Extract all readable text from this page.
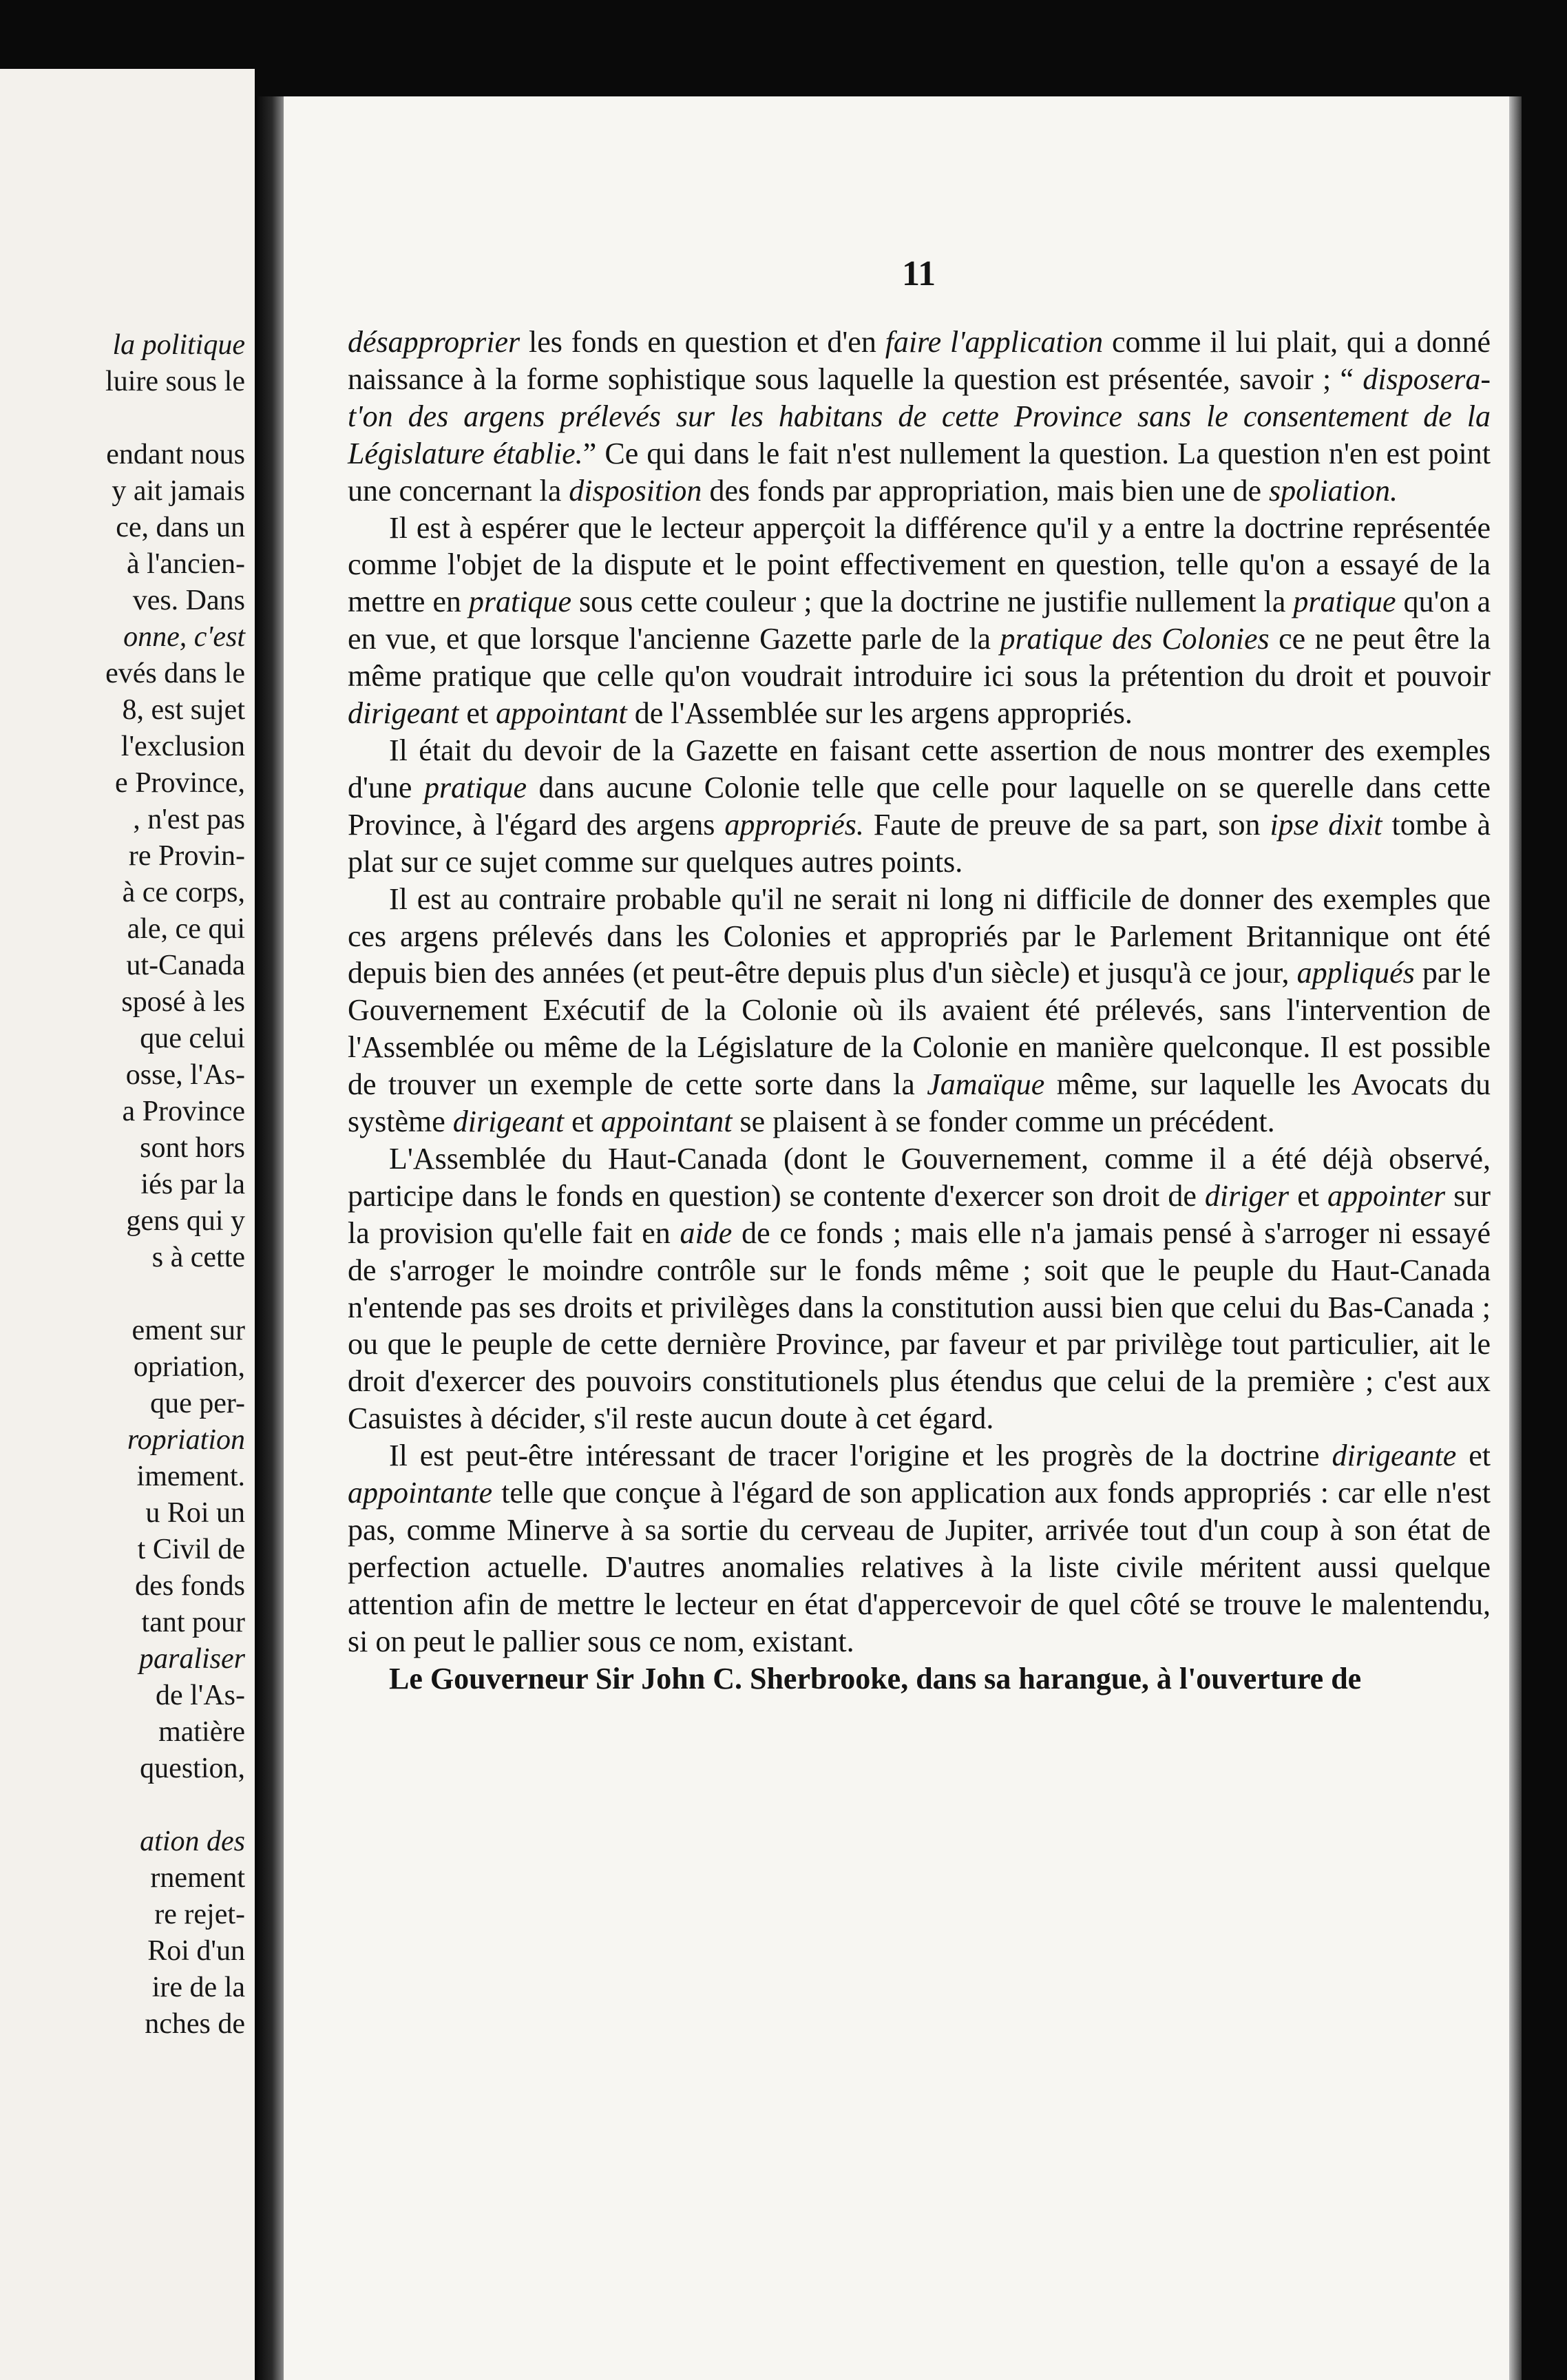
la politique
luire sous le
endant nous
y ait jamais
ce, dans un
à l'ancien-
ves. Dans
onne, c'est
evés dans le
8, est sujet
l'exclusion
e Province,
, n'est pas
re Provin-
à ce corps,
ale, ce qui
ut-Canada
sposé à les
que celui
osse, l'As-
a Province
sont hors
iés par la
gens qui y
s à cette
ement sur
opriation,
que per-
ropriation
imement.
u Roi un
t Civil de
des fonds
tant pour
paraliser
de l'As-
matière
question,
ation des
rnement
re rejet-
Roi d'un
ire de la
nches de
11

désapproprier les fonds en question et d'en faire l'application comme il lui plait, qui a donné naissance à la forme sophistique sous laquelle la question est présentée, savoir ; “ disposera-t'on des argens prélevés sur les habitans de cette Province sans le consentement de la Législature établie.” Ce qui dans le fait n'est nullement la question. La question n'en est point une concernant la disposition des fonds par appropriation, mais bien une de spoliation.

Il est à espérer que le lecteur apperçoit la différence qu'il y a entre la doctrine représentée comme l'objet de la dispute et le point effectivement en question, telle qu'on a essayé de la mettre en pratique sous cette couleur ; que la doctrine ne justifie nullement la pratique qu'on a en vue, et que lorsque l'ancienne Gazette parle de la pratique des Colonies ce ne peut être la même pratique que celle qu'on voudrait introduire ici sous la prétention du droit et pouvoir dirigeant et appointant de l'Assemblée sur les argens appropriés.

Il était du devoir de la Gazette en faisant cette assertion de nous montrer des exemples d'une pratique dans aucune Colonie telle que celle pour laquelle on se querelle dans cette Province, à l'égard des argens appropriés. Faute de preuve de sa part, son ipse dixit tombe à plat sur ce sujet comme sur quelques autres points.

Il est au contraire probable qu'il ne serait ni long ni difficile de donner des exemples que ces argens prélevés dans les Colonies et appropriés par le Parlement Britannique ont été depuis bien des années (et peut-être depuis plus d'un siècle) et jusqu'à ce jour, appliqués par le Gouvernement Exécutif de la Colonie où ils avaient été prélevés, sans l'intervention de l'Assemblée ou même de la Législature de la Colonie en manière quelconque. Il est possible de trouver un exemple de cette sorte dans la Jamaïque même, sur laquelle les Avocats du système dirigeant et appointant se plaisent à se fonder comme un précédent.

L'Assemblée du Haut-Canada (dont le Gouvernement, comme il a été déjà observé, participe dans le fonds en question) se contente d'exercer son droit de diriger et appointer sur la provision qu'elle fait en aide de ce fonds ; mais elle n'a jamais pensé à s'arroger ni essayé de s'arroger le moindre contrôle sur le fonds même ; soit que le peuple du Haut-Canada n'entende pas ses droits et privilèges dans la constitution aussi bien que celui du Bas-Canada ; ou que le peuple de cette dernière Province, par faveur et par privilège tout particulier, ait le droit d'exercer des pouvoirs constitutionels plus étendus que celui de la première ; c'est aux Casuistes à décider, s'il reste aucun doute à cet égard.

Il est peut-être intéressant de tracer l'origine et les progrès de la doctrine dirigeante et appointante telle que conçue à l'égard de son application aux fonds appropriés : car elle n'est pas, comme Minerve à sa sortie du cerveau de Jupiter, arrivée tout d'un coup à son état de perfection actuelle. D'autres anomalies relatives à la liste civile méritent aussi quelque attention afin de mettre le lecteur en état d'appercevoir de quel côté se trouve le malentendu, si on peut le pallier sous ce nom, existant.

Le Gouverneur Sir John C. Sherbrooke, dans sa harangue, à l'ouverture de
